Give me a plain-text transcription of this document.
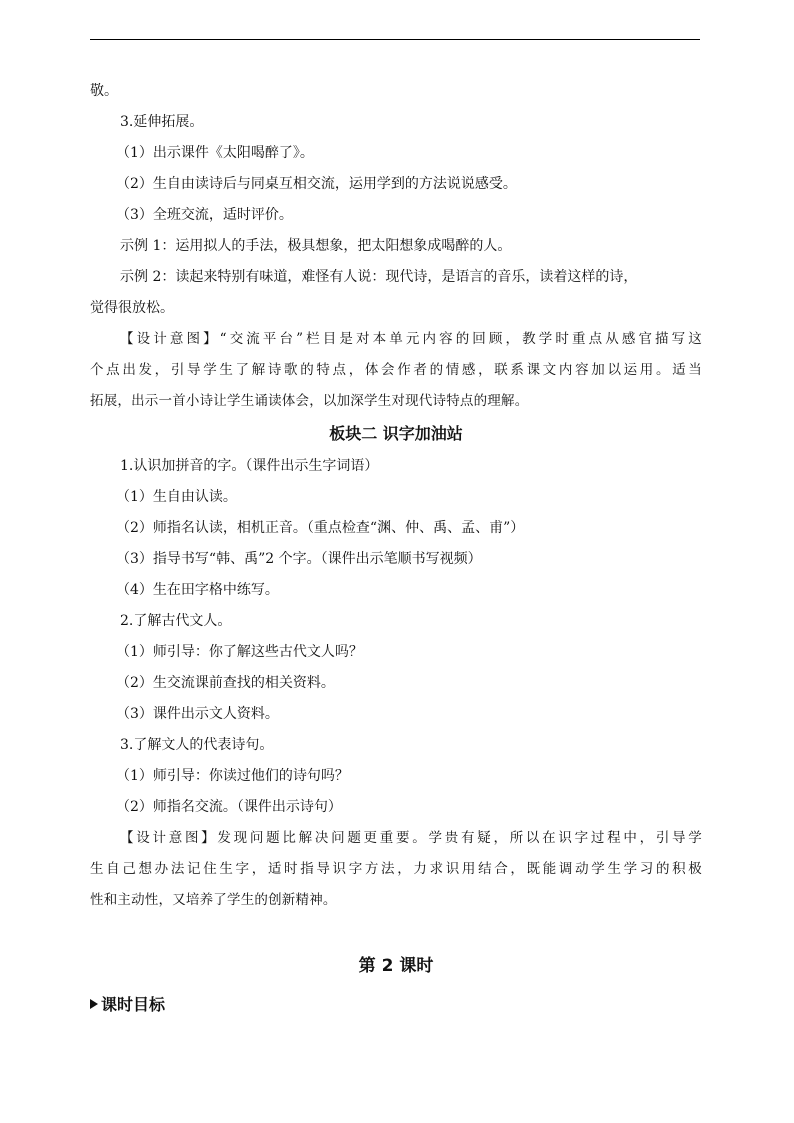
敬。
3.延伸拓展。
（1）出示课件《太阳喝醉了》。
（2）生自由读诗后与同桌互相交流，运用学到的方法说说感受。
（3）全班交流，适时评价。
示例 1：运用拟人的手法，极具想象，把太阳想象成喝醉的人。
示例 2：读起来特别有味道，难怪有人说：现代诗，是语言的音乐，读着这样的诗，
觉得很放松。
【设计意图】“交流平台”栏目是对本单元内容的回顾，教学时重点从感官描写这
个点出发，引导学生了解诗歌的特点，体会作者的情感，联系课文内容加以运用。适当
拓展，出示一首小诗让学生诵读体会，以加深学生对现代诗特点的理解。
板块二 识字加油站
1.认识加拼音的字。（课件出示生字词语）
（1）生自由认读。
（2）师指名认读，相机正音。（重点检查“渊、仲、禹、孟、甫”）
（3）指导书写“韩、禹”2 个字。（课件出示笔顺书写视频）
（4）生在田字格中练写。
2.了解古代文人。
（1）师引导：你了解这些古代文人吗？
（2）生交流课前查找的相关资料。
（3）课件出示文人资料。
3.了解文人的代表诗句。
（1）师引导：你读过他们的诗句吗？
（2）师指名交流。（课件出示诗句）
【设计意图】发现问题比解决问题更重要。学贵有疑，所以在识字过程中，引导学
生自己想办法记住生字，适时指导识字方法，力求识用结合，既能调动学生学习的积极
性和主动性，又培养了学生的创新精神。
第 2 课时
课时目标
